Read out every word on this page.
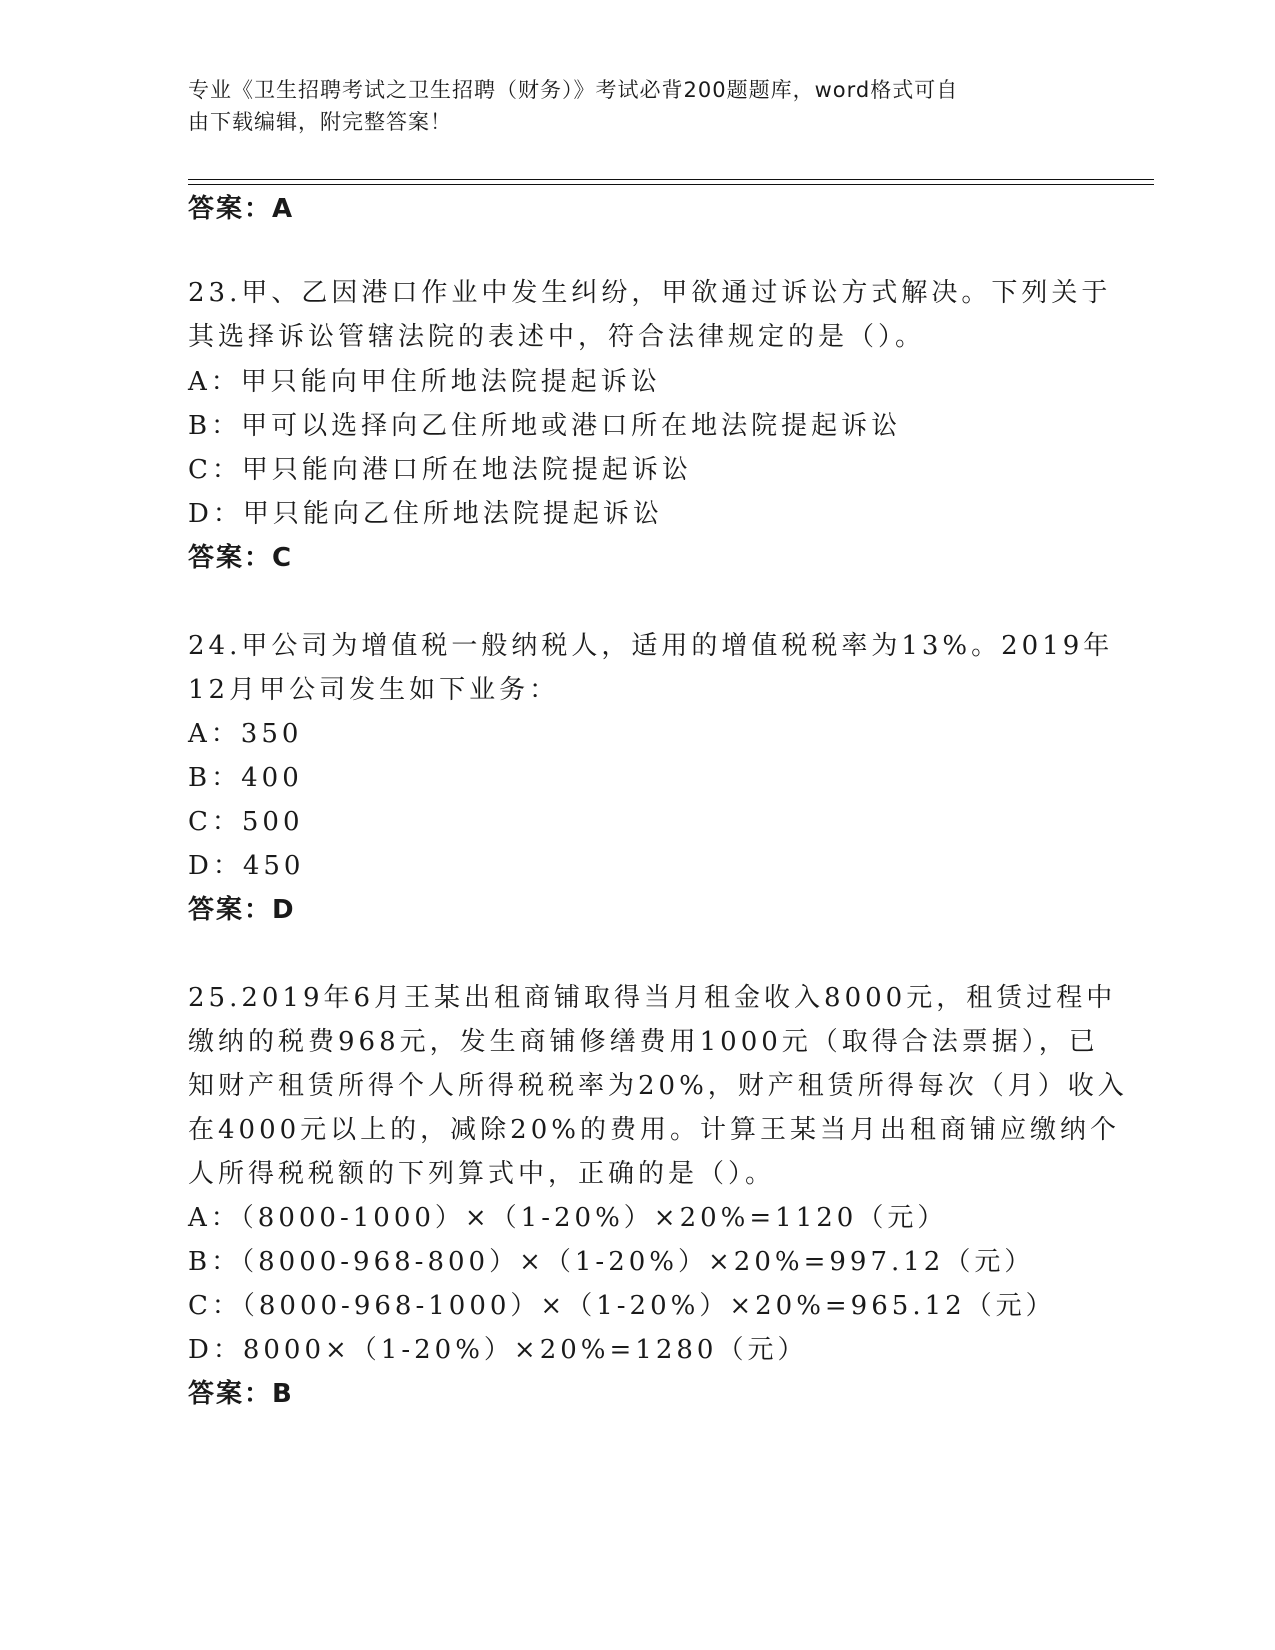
专业《卫生招聘考试之卫生招聘（财务）》考试必背200题题库，word格式可自
由下载编辑，附完整答案！
答案：A
23.甲、乙因港口作业中发生纠纷，甲欲通过诉讼方式解决。下列关于
其选择诉讼管辖法院的表述中，符合法律规定的是（）。
A：甲只能向甲住所地法院提起诉讼
B：甲可以选择向乙住所地或港口所在地法院提起诉讼
C：甲只能向港口所在地法院提起诉讼
D：甲只能向乙住所地法院提起诉讼
答案：C
24.甲公司为增值税一般纳税人，适用的增值税税率为13%。2019年
12月甲公司发生如下业务：
A：350
B：400
C：500
D：450
答案：D
25.2019年6月王某出租商铺取得当月租金收入8000元，租赁过程中
缴纳的税费968元，发生商铺修缮费用1000元（取得合法票据），已
知财产租赁所得个人所得税税率为20%，财产租赁所得每次（月）收入
在4000元以上的，减除20%的费用。计算王某当月出租商铺应缴纳个
人所得税税额的下列算式中，正确的是（）。
A：（8000-1000）×（1-20%）×20%=1120（元）
B：（8000-968-800）×（1-20%）×20%=997.12（元）
C：（8000-968-1000）×（1-20%）×20%=965.12（元）
D：8000×（1-20%）×20%=1280（元）
答案：B
